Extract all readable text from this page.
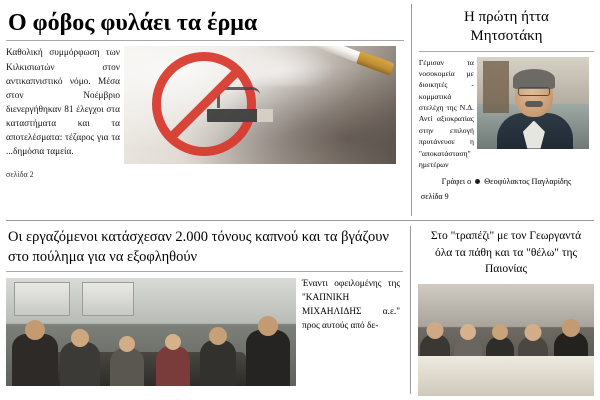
Ο φόβος φυλάει τα έρμα

Καθολική συμμόρφωση των Κιλκισιωτών στον αντικαπνιστικό νόμο. Μέσα στον Νοέμβριο διενεργήθηκαν 81 έλεγχοι στα καταστήματα και τα αποτελέσματα: τέζαρος για τα ...δημόσια ταμεία.

σελίδα 2
Η πρώτη ήττα
Μητσοτάκη
Γέμισαν τα νοσοκομεία με διοικητές - κομματικά στελέχη της Ν.Δ. Αντί αξιοκρατίας στην επιλογή πρυτάνευσε η "αποκατάσταση" ημετέρων
Γράφει ο Θεοφύλακτος Παγλαρίδης
σελίδα 9
Οι εργαζόμενοι κατάσχεσαν 2.000 τόνους καπνού και τα βγάζουν στο πούλημα για να εξοφληθούν
Έναντι οφειλομένης της "ΚΑΠΝΙΚΗ ΜΙΧΑΗΛΙΔΗΣ α.ε." προς αυτούς από δε-
Στο "τραπέζι" με τον Γεωργαντά
όλα τα πάθη και τα "θέλω" της Παιονίας
